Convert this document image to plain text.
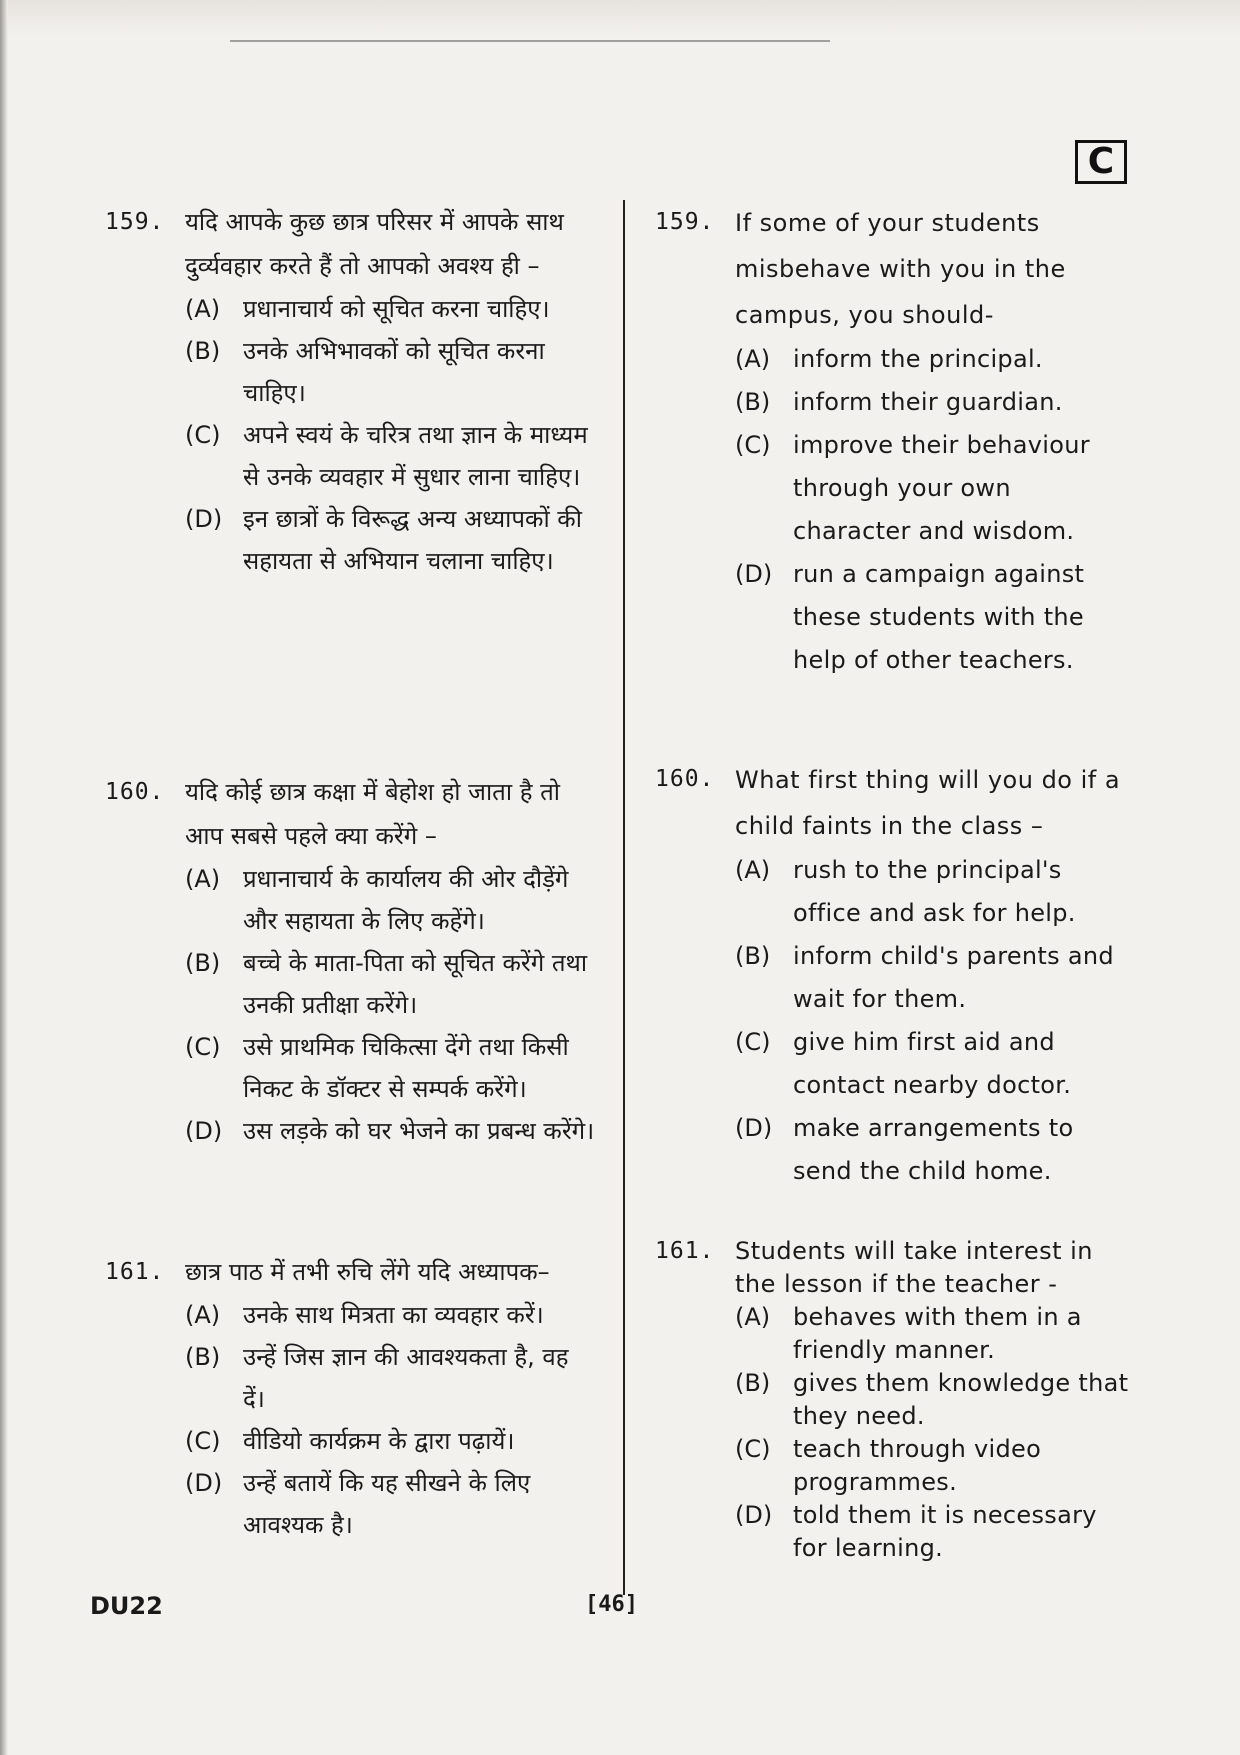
C
159. यदि आपके कुछ छात्र परिसर में आपके साथ दुर्व्यवहार करते हैं तो आपको अवश्य ही –
(A) प्रधानाचार्य को सूचित करना चाहिए।
(B) उनके अभिभावकों को सूचित करना चाहिए।
(C) अपने स्वयं के चरित्र तथा ज्ञान के माध्यम से उनके व्यवहार में सुधार लाना चाहिए।
(D) इन छात्रों के विरूद्ध अन्य अध्यापकों की सहायता से अभियान चलाना चाहिए।
160. यदि कोई छात्र कक्षा में बेहोश हो जाता है तो आप सबसे पहले क्या करेंगे –
(A) प्रधानाचार्य के कार्यालय की ओर दौड़ेंगे और सहायता के लिए कहेंगे।
(B) बच्चे के माता-पिता को सूचित करेंगे तथा उनकी प्रतीक्षा करेंगे।
(C) उसे प्राथमिक चिकित्सा देंगे तथा किसी निकट के डॉक्टर से सम्पर्क करेंगे।
(D) उस लड़के को घर भेजने का प्रबन्ध करेंगे।
161. छात्र पाठ में तभी रुचि लेंगे यदि अध्यापक–
(A) उनके साथ मित्रता का व्यवहार करें।
(B) उन्हें जिस ज्ञान की आवश्यकता है, वह दें।
(C) वीडियो कार्यक्रम के द्वारा पढ़ायें।
(D) उन्हें बतायें कि यह सीखने के लिए आवश्यक है।
159. If some of your students misbehave with you in the campus, you should-
(A) inform the principal.
(B) inform their guardian.
(C) improve their behaviour through your own character and wisdom.
(D) run a campaign against these students with the help of other teachers.
160. What first thing will you do if a child faints in the class –
(A) rush to the principal's office and ask for help.
(B) inform child's parents and wait for them.
(C) give him first aid and contact nearby doctor.
(D) make arrangements to send the child home.
161. Students will take interest in the lesson if the teacher -
(A) behaves with them in a friendly manner.
(B) gives them knowledge that they need.
(C) teach through video programmes.
(D) told them it is necessary for learning.
DU22	[46]
